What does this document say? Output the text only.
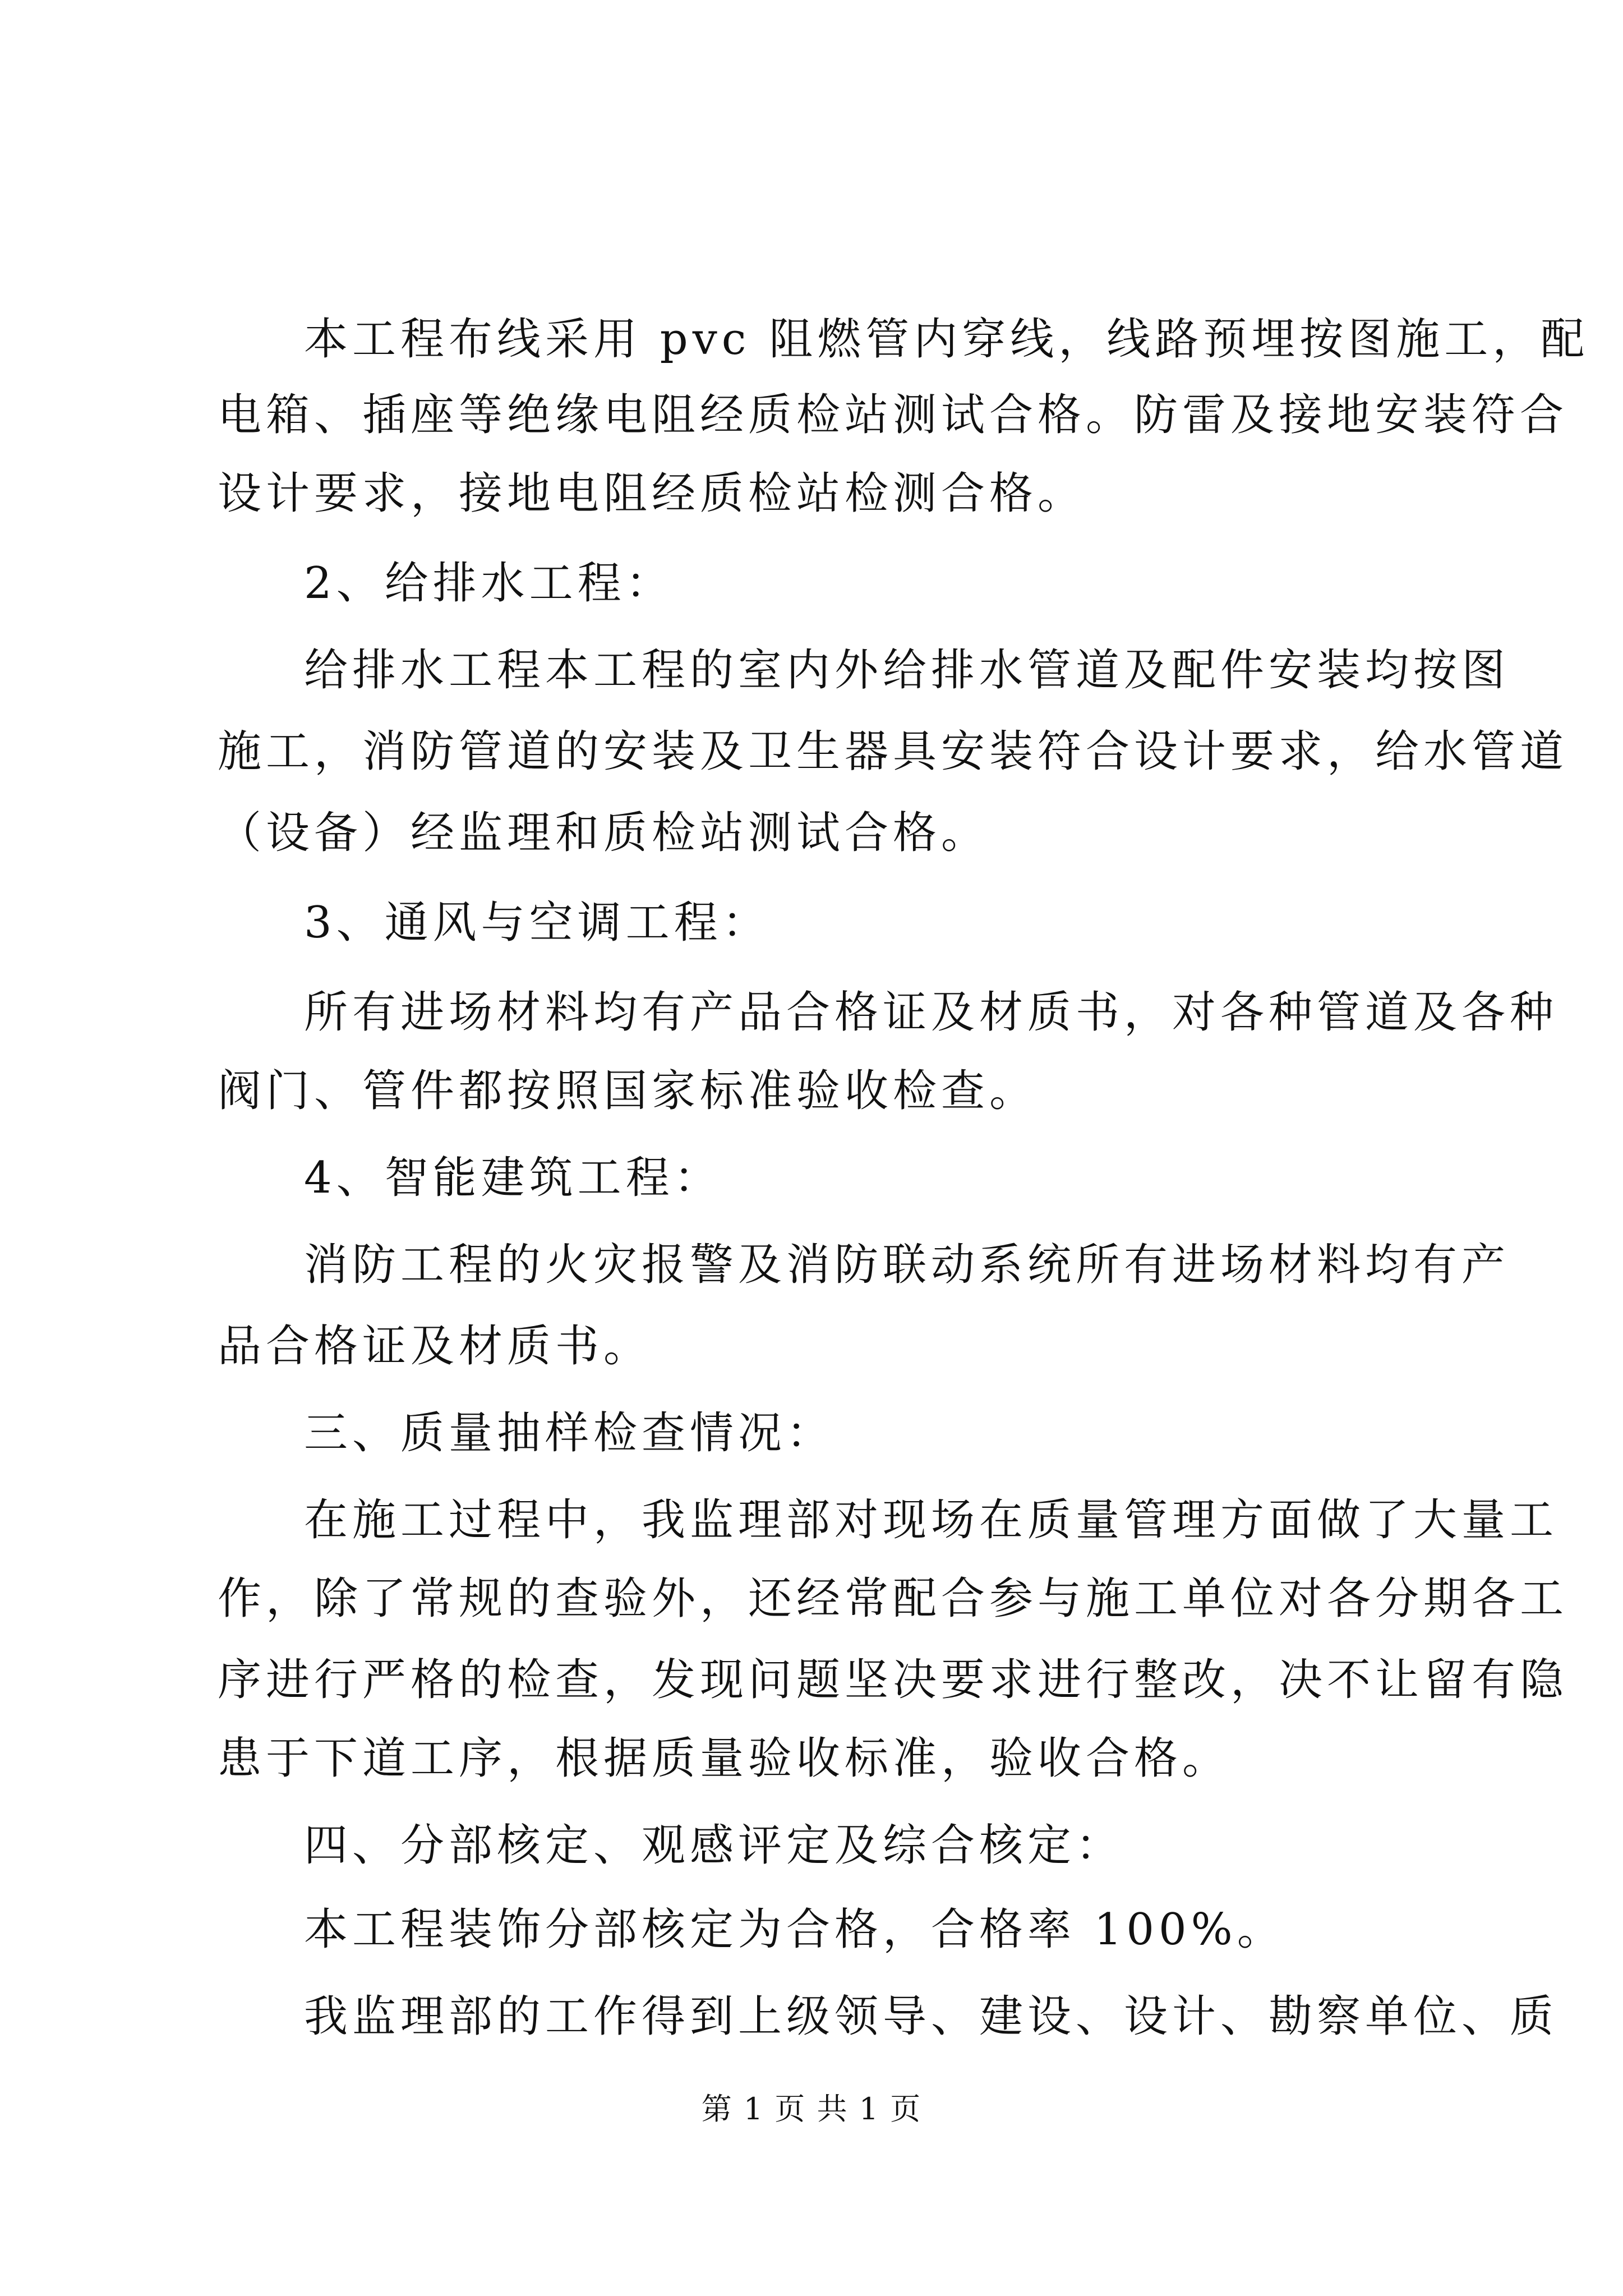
本工程布线采用 pvc 阻燃管内穿线，线路预埋按图施工，配
电箱、插座等绝缘电阻经质检站测试合格。防雷及接地安装符合
设计要求，接地电阻经质检站检测合格。
2、给排水工程：
给排水工程本工程的室内外给排水管道及配件安装均按图
施工，消防管道的安装及卫生器具安装符合设计要求，给水管道
（设备）经监理和质检站测试合格。
3、通风与空调工程：
所有进场材料均有产品合格证及材质书，对各种管道及各种
阀门、管件都按照国家标准验收检查。
4、智能建筑工程：
消防工程的火灾报警及消防联动系统所有进场材料均有产
品合格证及材质书。
三、质量抽样检查情况：
在施工过程中，我监理部对现场在质量管理方面做了大量工
作，除了常规的查验外，还经常配合参与施工单位对各分期各工
序进行严格的检查，发现问题坚决要求进行整改，决不让留有隐
患于下道工序，根据质量验收标准，验收合格。
四、分部核定、观感评定及综合核定：
本工程装饰分部核定为合格，合格率 100%。
我监理部的工作得到上级领导、建设、设计、勘察单位、质
第 1 页 共 1 页
